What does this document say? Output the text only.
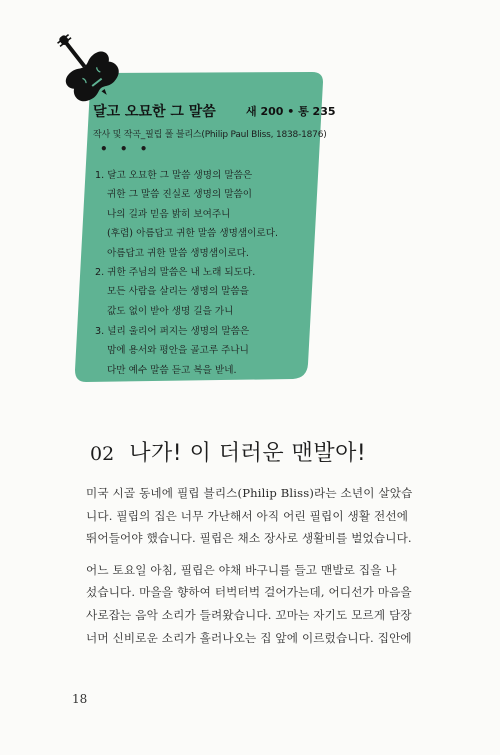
달고 오묘한 그 말씀	새 200 • 통 235
작사 및 작곡_필립 폴 블리스(Philip Paul Bliss, 1838-1876)
• • •
1. 달고 오묘한 그 말씀 생명의 말씀은
귀한 그 말씀 진실로 생명의 말씀이
나의 길과 믿음 밝히 보여주니
(후렴) 아름답고 귀한 말씀 생명샘이로다.
아름답고 귀한 말씀 생명샘이로다.
2. 귀한 주님의 말씀은 내 노래 되도다.
모든 사람을 살리는 생명의 말씀을
값도 없이 받아 생명 길을 가니
3. 널리 울리어 퍼지는 생명의 말씀은
맘에 용서와 평안을 골고루 주나니
다만 예수 말씀 듣고 복을 받네.
02 나가! 이 더러운 맨발아!
미국 시골 동네에 필립 블리스(Philip Bliss)라는 소년이 살았습
니다. 필립의 집은 너무 가난해서 아직 어린 필립이 생활 전선에
뛰어들어야 했습니다. 필립은 채소 장사로 생활비를 벌었습니다.
어느 토요일 아침, 필립은 야채 바구니를 들고 맨발로 집을 나
섰습니다. 마을을 향하여 터벅터벅 걸어가는데, 어디선가 마음을
사로잡는 음악 소리가 들려왔습니다. 꼬마는 자기도 모르게 담장
너머 신비로운 소리가 흘러나오는 집 앞에 이르렀습니다. 집안에
18
